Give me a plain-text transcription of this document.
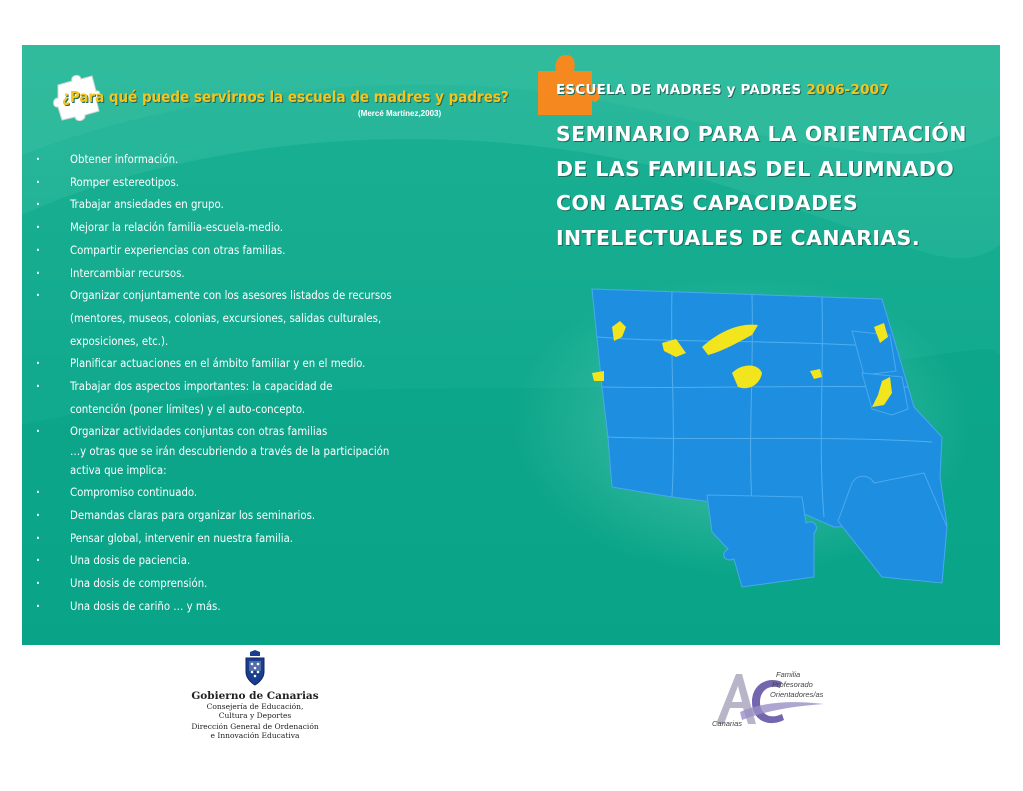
¿Para qué puede servirnos la escuela de madres y padres?
(Mercé Martínez,2003)
· Obtener información.
· Romper estereotipos.
· Trabajar ansiedades en grupo.
· Mejorar la relación familia-escuela-medio.
· Compartir experiencias con otras familias.
· Intercambiar recursos.
· Organizar conjuntamente con los asesores listados de recursos
(mentores, museos, colonias, excursiones, salidas culturales,
exposiciones, etc.).
· Planificar actuaciones en el ámbito familiar y en el medio.
· Trabajar dos aspectos importantes: la capacidad de
contención (poner límites) y el auto-concepto.
· Organizar actividades conjuntas con otras familias
…y otras que se irán descubriendo a través de la participación
activa que implica:
· Compromiso continuado.
· Demandas claras para organizar los seminarios.
· Pensar global, intervenir en nuestra familia.
· Una dosis de paciencia.
· Una dosis de comprensión.
· Una dosis de cariño … y más.
ESCUELA DE MADRES y PADRES 2006-2007
SEMINARIO PARA LA ORIENTACIÓN
DE LAS FAMILIAS DEL ALUMNADO
CON ALTAS CAPACIDADES
INTELECTUALES DE CANARIAS.
Gobierno de Canarias
Consejería de Educación,
Cultura y Deportes
Dirección General de Ordenación
e Innovación Educativa
Familia
Profesorado
Orientadores/as
Canarias
